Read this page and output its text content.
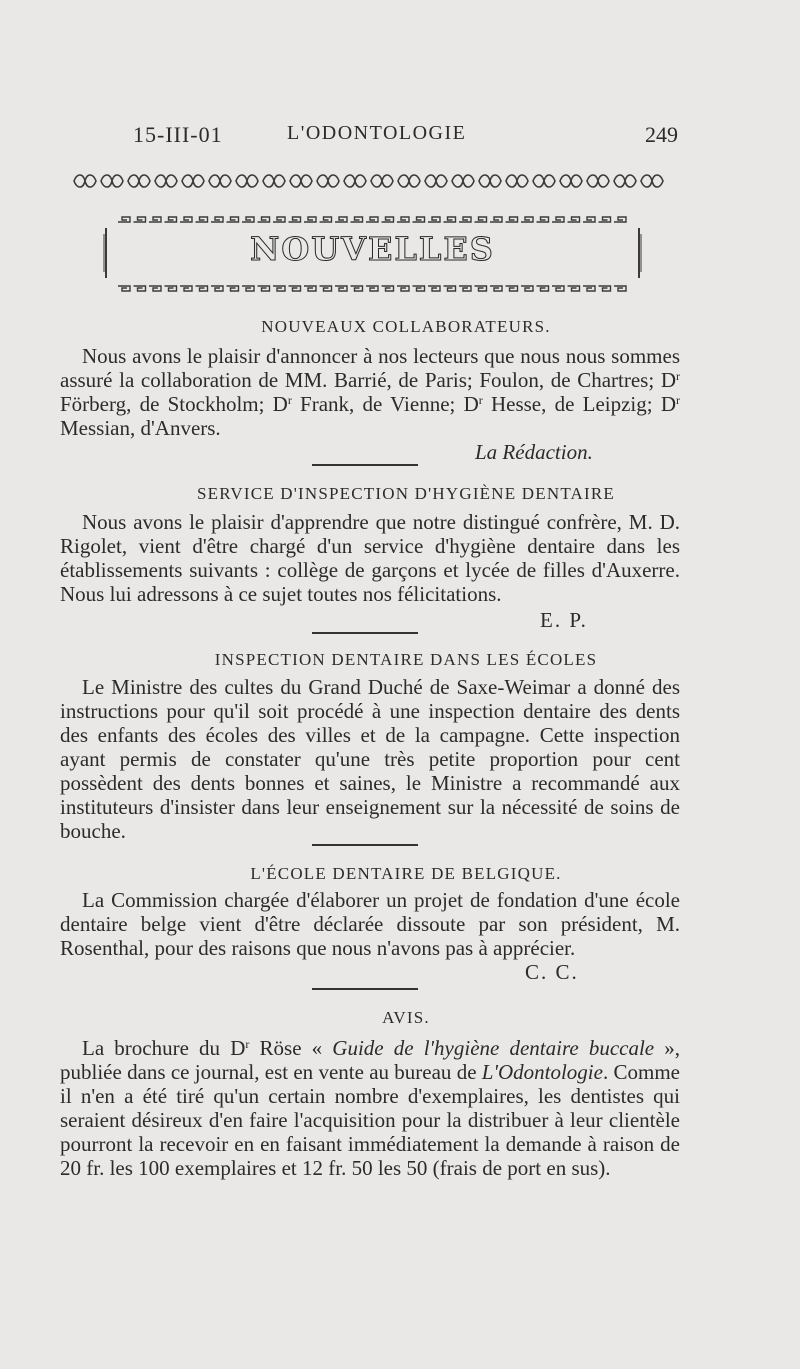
15-III-01	L'ODONTOLOGIE	249
NOUVELLES
NOUVEAUX COLLABORATEURS.
Nous avons le plaisir d'annoncer à nos lecteurs que nous nous sommes assuré la collaboration de MM. Barrié, de Paris; Foulon, de Chartres; $D^r$ Förberg, de Stockholm; $D^r$ Frank, de Vienne; $D^r$ Hesse, de Leipzig; $D^r$ Messian, d'Anvers.
La Rédaction.
SERVICE D'INSPECTION D'HYGIÈNE DENTAIRE
Nous avons le plaisir d'apprendre que notre distingué confrère, M. D. Rigolet, vient d'être chargé d'un service d'hygiène dentaire dans les établissements suivants : collège de garçons et lycée de filles d'Auxerre. Nous lui adressons à ce sujet toutes nos félicitations.
E. P.
INSPECTION DENTAIRE DANS LES ÉCOLES
Le Ministre des cultes du Grand Duché de Saxe-Weimar a donné des instructions pour qu'il soit procédé à une inspection dentaire des dents des enfants des écoles des villes et de la campagne. Cette inspection ayant permis de constater qu'une très petite proportion pour cent possèdent des dents bonnes et saines, le Ministre a recommandé aux instituteurs d'insister dans leur enseignement sur la nécessité de soins de bouche.
L'ÉCOLE DENTAIRE DE BELGIQUE.
La Commission chargée d'élaborer un projet de fondation d'une école dentaire belge vient d'être déclarée dissoute par son président, M. Rosenthal, pour des raisons que nous n'avons pas à apprécier.
C. C.
AVIS.
La brochure du $D^r$ Röse « Guide de l'hygiène dentaire buccale », publiée dans ce journal, est en vente au bureau de L'Odontologie. Comme il n'en a été tiré qu'un certain nombre d'exemplaires, les dentistes qui seraient désireux d'en faire l'acquisition pour la distribuer à leur clientèle pourront la recevoir en en faisant immédiatement la demande à raison de 20 fr. les 100 exemplaires et 12 fr. 50 les 50 (frais de port en sus).
